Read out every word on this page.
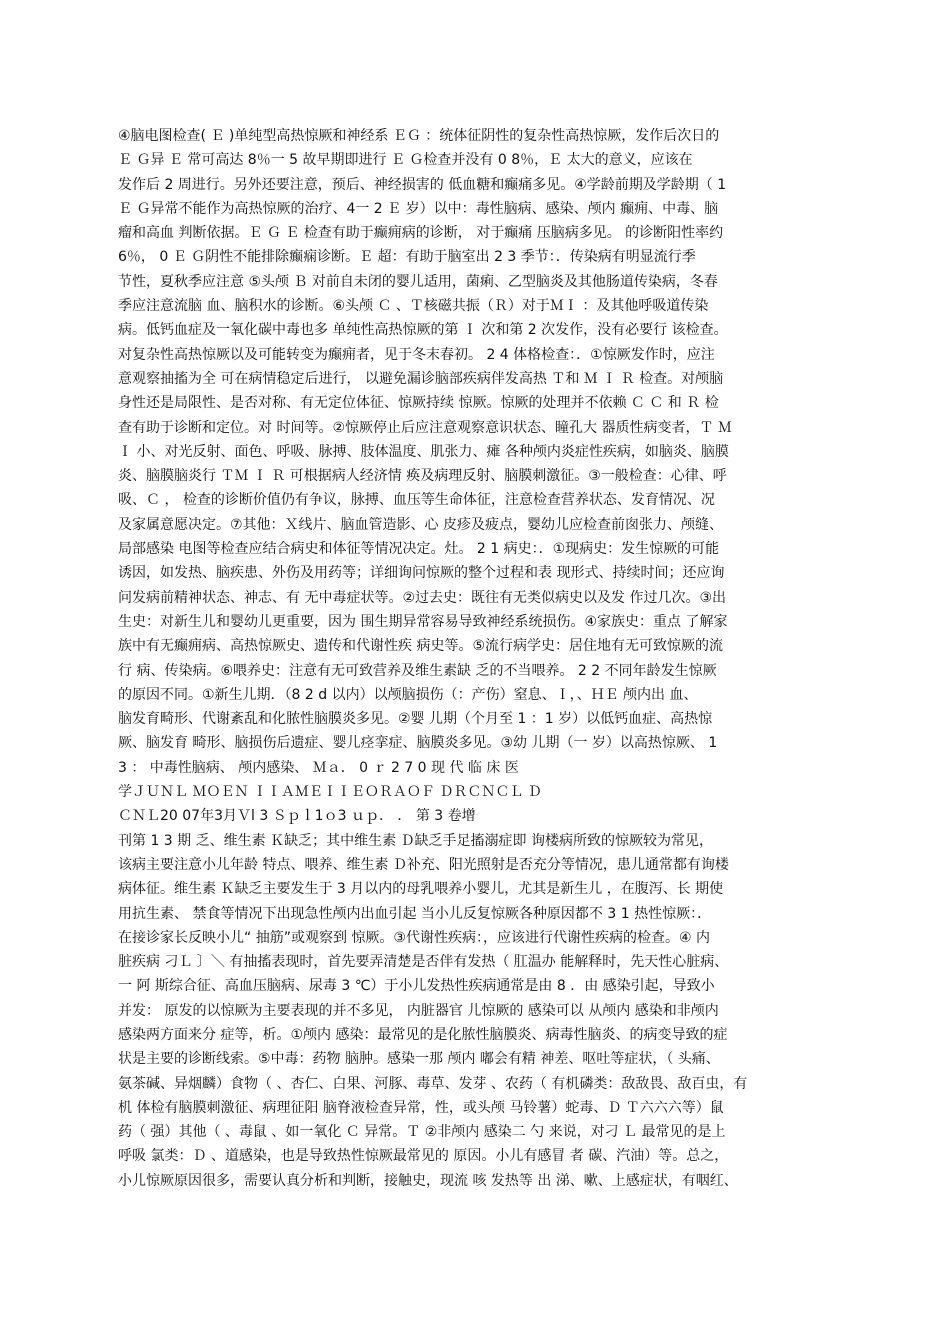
④脑电图检查( Ｅ )单纯型高热惊厥和神经系 ＥＧ ：统体征阴性的复杂性高热惊厥，发作后次日的
Ｅ Ｇ异 Ｅ 常可高达 8％一 5 故早期即进行 Ｅ Ｇ检查并没有 0 8％，Ｅ 太大的意义，应该在
发作后 2 周进行。另外还要注意，预后、神经损害的 低血糖和癫痛多见。④学龄前期及学龄期（ 1
Ｅ Ｇ异常不能作为高热惊厥的治疗、4一 2 Ｅ 岁）以中：毒性脑病、感染、颅内 癫痈、中毒、脑
瘤和高血 判断依据。Ｅ Ｇ Ｅ 检查有助于癫痈病的诊断， 对于癫痛 压脑病多见。 的诊断阳性率约
6％， 0 Ｅ Ｇ阴性不能排除癫痫诊断。Ｅ 超：有助于脑室出 2 3 季节：．传染病有明显流行季
节性，夏秋季应注意 ⑤头颅 Ｂ 对前自未闭的婴儿适用，菌痢、乙型脑炎及其他肠道传染病，冬春
季应注意流脑 血、脑积水的诊断。⑥头颅 Ｃ 、Ｔ核磁共振（Ｒ）对于ＭＩ ：及其他呼吸道传染
病。低钙血症及一氧化碳中毒也多 单纯性高热惊厥的第 Ｉ 次和第 2 次发作，没有必要行 该检查。
对复杂性高热惊厥以及可能转变为癫痈者，见于冬末春初。 2 4 体格检查：．①惊厥发作时，应注
意观察抽搐为全 可在病情稳定后进行， 以避免漏诊脑部疾病伴发高热 Ｔ和 Ｍ Ｉ Ｒ 检查。对颅脑
身性还是局限性、是否对称、有无定位体征、惊厥持续 惊厥。惊厥的处理并不依赖 Ｃ Ｃ 和 Ｒ 检
查有助于诊断和定位。对 时间等。②惊厥停止后应注意观察意识状态、瞳孔大 器质性病变者，Ｔ Ｍ
Ｉ 小、对光反射、面色、呼吸、脉搏、肢体温度、肌张力、瘫 各种颅内炎症性疾病，如脑炎、脑膜
炎、脑膜脑炎行 ＴＭ Ｉ Ｒ 可根据病人经济情 痪及病理反射、脑膜刺激征。③一般检查：心律、呼
吸、Ｃ ， 检查的诊断价值仍有争议，脉搏、血压等生命体征，注意检查营养状态、发育情况、况
及家属意愿决定。⑦其他：Ｘ线片、脑血管造影、心 皮疹及疲点，婴幼儿应检查前囱张力、颅缝、
局部感染 电图等检查应结合病史和体征等情况决定。灶。 2 1 病史：．①现病史：发生惊厥的可能
诱因，如发热、脑疾患、外伤及用药等；详细询问惊厥的整个过程和表 现形式、持续时间；还应询
问发病前精神状态、神志、有 无中毒症状等。②过去史：既往有无类似病史以及发 作过几次。③出
生史：对新生儿和婴幼儿更重要，因为 围生期异常容易导致神经系统损伤。④家族史：重点 了解家
族中有无癫痈病、高热惊厥史、遗传和代谢性疾 病史等。⑤流行病学史：居住地有无可致惊厥的流
行 病、传染病。⑥喂养史：注意有无可致营养及维生素缺 乏的不当喂养。 2 2 不同年龄发生惊厥
的原因不同。①新生儿期．（8 2 d 以内）以颅脑损伤（：产伤）窒息、Ｉ，、ＨＥ 颅内出 血、
脑发育畸形、代谢紊乱和化脓性脑膜炎多见。②婴 儿期（个月至 1 ：1 岁）以低钙血症、高热惊
厥、脑发育 畸形、脑损伤后遗症、婴儿痉挛症、脑膜炎多见。③幼 儿期（一 岁）以高热惊厥、 1
3 ： 中毒性脑病、 颅内感染、 Ｍａ． 0 ｒ 2 7 0 现 代 临 床 医
学ＪＵＮＬ ＭＯＥＮ ＩＩＡＭＥＩＩＥＯＲＡＯＦ ＤＲＣＮＣＬ Ｄ
ＣＮＬ20 07年3月Ｖl 3 Ｓｐｌ1ｏ3 ｕｐ． ． 第 3 卷增
刊第 1 3 期 乏、维生素 Ｋ缺乏；其中维生素 Ｄ缺乏手足搐溺症即 询楼病所致的惊厥较为常见，
该病主要注意小儿年龄 特点、喂养、维生素 Ｄ补充、阳光照射是否充分等情况，患儿通常都有询楼
病体征。维生素 Ｋ缺乏主要发生于 3 月以内的母乳喂养小婴儿，尤其是新生儿 ，在腹泻、长 期使
用抗生素、 禁食等情况下出现急性颅内出血引起 当小儿反复惊厥各种原因都不 3 1 热性惊厥：．
在接诊家长反映小儿“ 抽筋”或观察到 惊厥。③代谢性疾病：，应该进行代谢性疾病的检查。④ 内
脏疾病 刁Ｌ 〕＼ 有抽搐表现时，首先要弄清楚是否伴有发热（ 肛温办 能解释时，先天性心脏病、
一 阿 斯综合征、高血压脑病、尿毒 3 ℃）于小儿发热性疾病通常是由 8 ．由 感染引起，导致小
并发： 原发的以惊厥为主要表现的并不多见， 内脏器官 儿惊厥的 感染可以 从颅内 感染和非颅内
感染两方面来分 症等，析。①颅内 感染：最常见的是化脓性脑膜炎、病毒性脑炎、的病变导致的症
状是主要的诊断线索。⑤中毒：药物 脑肿。感染一那 颅内 嘟会有精 神差、呕吐等症状，（ 头痛、
氨茶碱、异烟麟）食物（ 、杏仁、白果、河豚、毒草、发芽 、农药（ 有机磷类：敌敌畏、敌百虫，有
机 体检有脑膜刺激征、病理征阳 脑脊液检查异常，性，或头颅 马铃薯）蛇毒、Ｄ Ｔ六六六等）鼠
药（ 强）其他（ 、毒鼠 、如一氧化 Ｃ 异常。Ｔ ②非颅内 感染二 勺 来说，对刁 Ｌ 最常见的是上
呼吸 氯类：Ｄ 、道感染，也是导致热性惊厥最常见的 原因。小儿有感冒 者 碳、汽油）等。总之，
小儿惊厥原因很多，需要认真分析和判断，接触史，现流 咳 发热等 出 涕、嗽、上感症状，有咽红、
